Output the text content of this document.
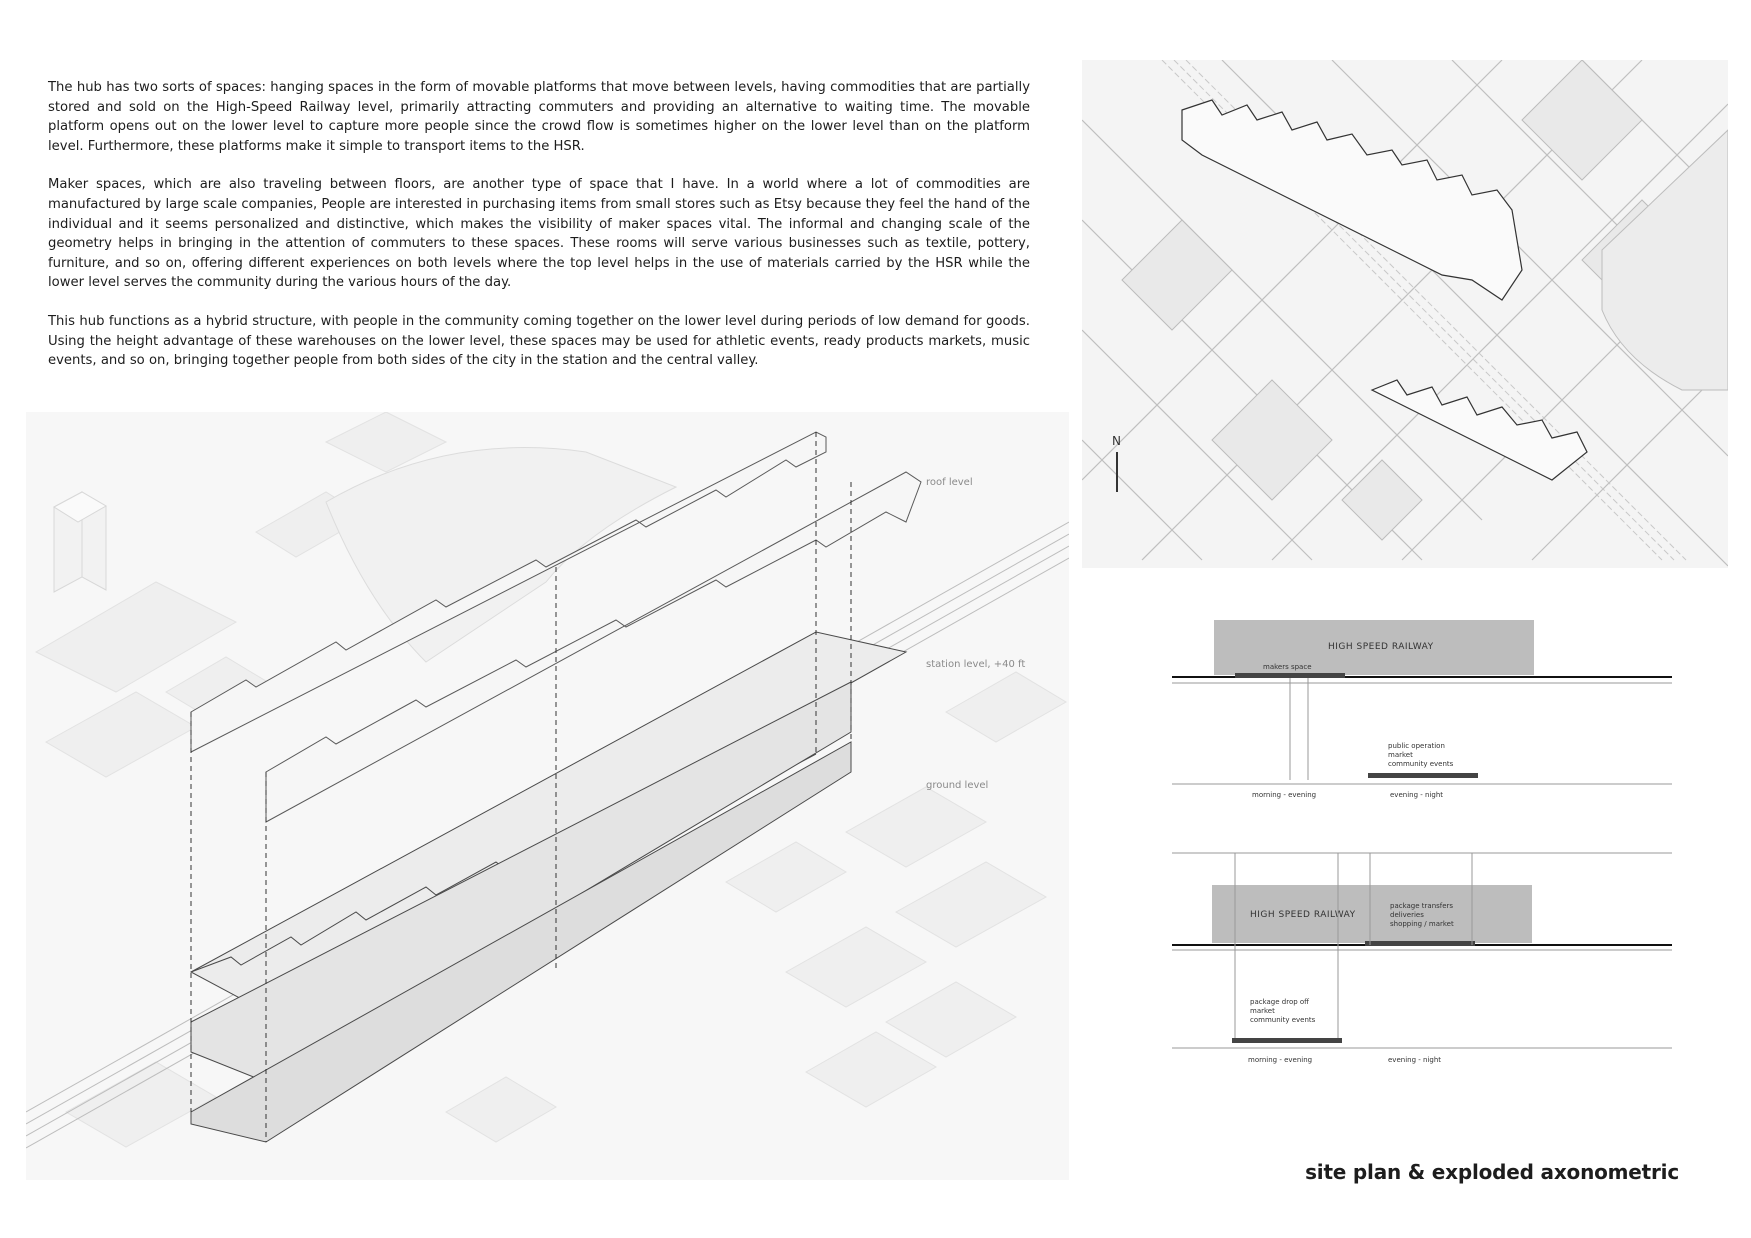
The hub has two sorts of spaces: hanging spaces in the form of movable platforms that move between levels, having commodities that are partially stored and sold on the High-Speed Railway level, primarily attracting commuters and providing an alternative to waiting time. The movable platform opens out on the lower level to capture more people since the crowd flow is sometimes higher on the lower level than on the platform level. Furthermore, these platforms make it simple to transport items to the HSR.

Maker spaces, which are also traveling between floors, are another type of space that I have. In a world where a lot of commodities are manufactured by large scale companies, People are interested in purchasing items from small stores such as Etsy because they feel the hand of the individual and it seems personalized and distinctive, which makes the visibility of maker spaces vital. The informal and changing scale of the geometry helps in bringing in the attention of commuters to these spaces. These rooms will serve various businesses such as textile, pottery, furniture, and so on, offering different experiences on both levels where the top level helps in the use of materials carried by the HSR while the lower level serves the community during the various hours of the day.

This hub functions as a hybrid structure, with people in the community coming together on the lower level during periods of low demand for goods. Using the height advantage of these warehouses on the lower level, these spaces may be used for athletic events, ready products markets, music events, and so on, bringing together people from both sides of the city in the station and the central valley.

roof level
station level, +40 ft
ground level
N
HIGH SPEED RAILWAY
makers space
public operation
market
community events
morning - evening	evening - night
HIGH SPEED RAILWAY
package transfers
deliveries
shopping / market
package drop off
market
community events
morning - evening	evening - night
site plan & exploded axonometric
